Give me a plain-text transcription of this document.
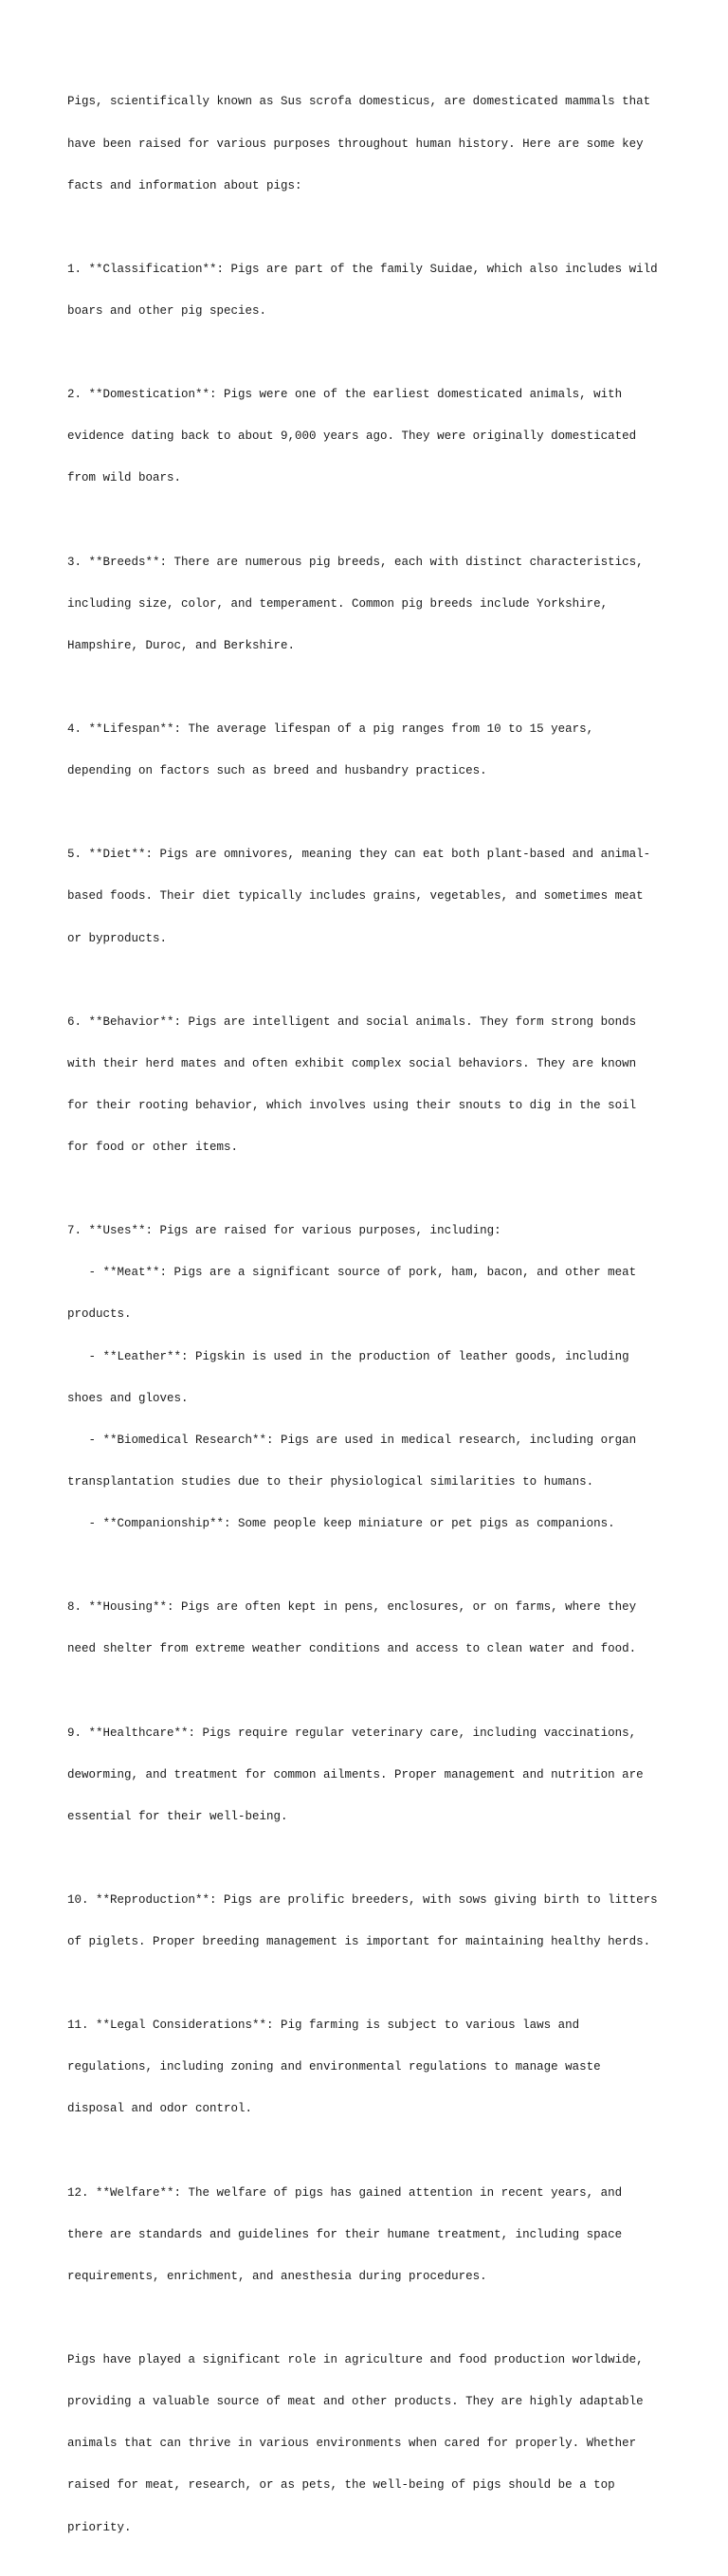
Pigs, scientifically known as Sus scrofa domesticus, are domesticated mammals that

have been raised for various purposes throughout human history. Here are some key

facts and information about pigs:

1. **Classification**: Pigs are part of the family Suidae, which also includes wild

boars and other pig species.

2. **Domestication**: Pigs were one of the earliest domesticated animals, with

evidence dating back to about 9,000 years ago. They were originally domesticated

from wild boars.

3. **Breeds**: There are numerous pig breeds, each with distinct characteristics,

including size, color, and temperament. Common pig breeds include Yorkshire,

Hampshire, Duroc, and Berkshire.

4. **Lifespan**: The average lifespan of a pig ranges from 10 to 15 years,

depending on factors such as breed and husbandry practices.

5. **Diet**: Pigs are omnivores, meaning they can eat both plant-based and animal-

based foods. Their diet typically includes grains, vegetables, and sometimes meat

or byproducts.

6. **Behavior**: Pigs are intelligent and social animals. They form strong bonds

with their herd mates and often exhibit complex social behaviors. They are known

for their rooting behavior, which involves using their snouts to dig in the soil

for food or other items.

7. **Uses**: Pigs are raised for various purposes, including:

- **Meat**: Pigs are a significant source of pork, ham, bacon, and other meat

products.

- **Leather**: Pigskin is used in the production of leather goods, including

shoes and gloves.

- **Biomedical Research**: Pigs are used in medical research, including organ

transplantation studies due to their physiological similarities to humans.

- **Companionship**: Some people keep miniature or pet pigs as companions.

8. **Housing**: Pigs are often kept in pens, enclosures, or on farms, where they

need shelter from extreme weather conditions and access to clean water and food.

9. **Healthcare**: Pigs require regular veterinary care, including vaccinations,

deworming, and treatment for common ailments. Proper management and nutrition are

essential for their well-being.

10. **Reproduction**: Pigs are prolific breeders, with sows giving birth to litters

of piglets. Proper breeding management is important for maintaining healthy herds.

11. **Legal Considerations**: Pig farming is subject to various laws and

regulations, including zoning and environmental regulations to manage waste

disposal and odor control.

12. **Welfare**: The welfare of pigs has gained attention in recent years, and

there are standards and guidelines for their humane treatment, including space

requirements, enrichment, and anesthesia during procedures.

Pigs have played a significant role in agriculture and food production worldwide,

providing a valuable source of meat and other products. They are highly adaptable

animals that can thrive in various environments when cared for properly. Whether

raised for meat, research, or as pets, the well-being of pigs should be a top

priority.
